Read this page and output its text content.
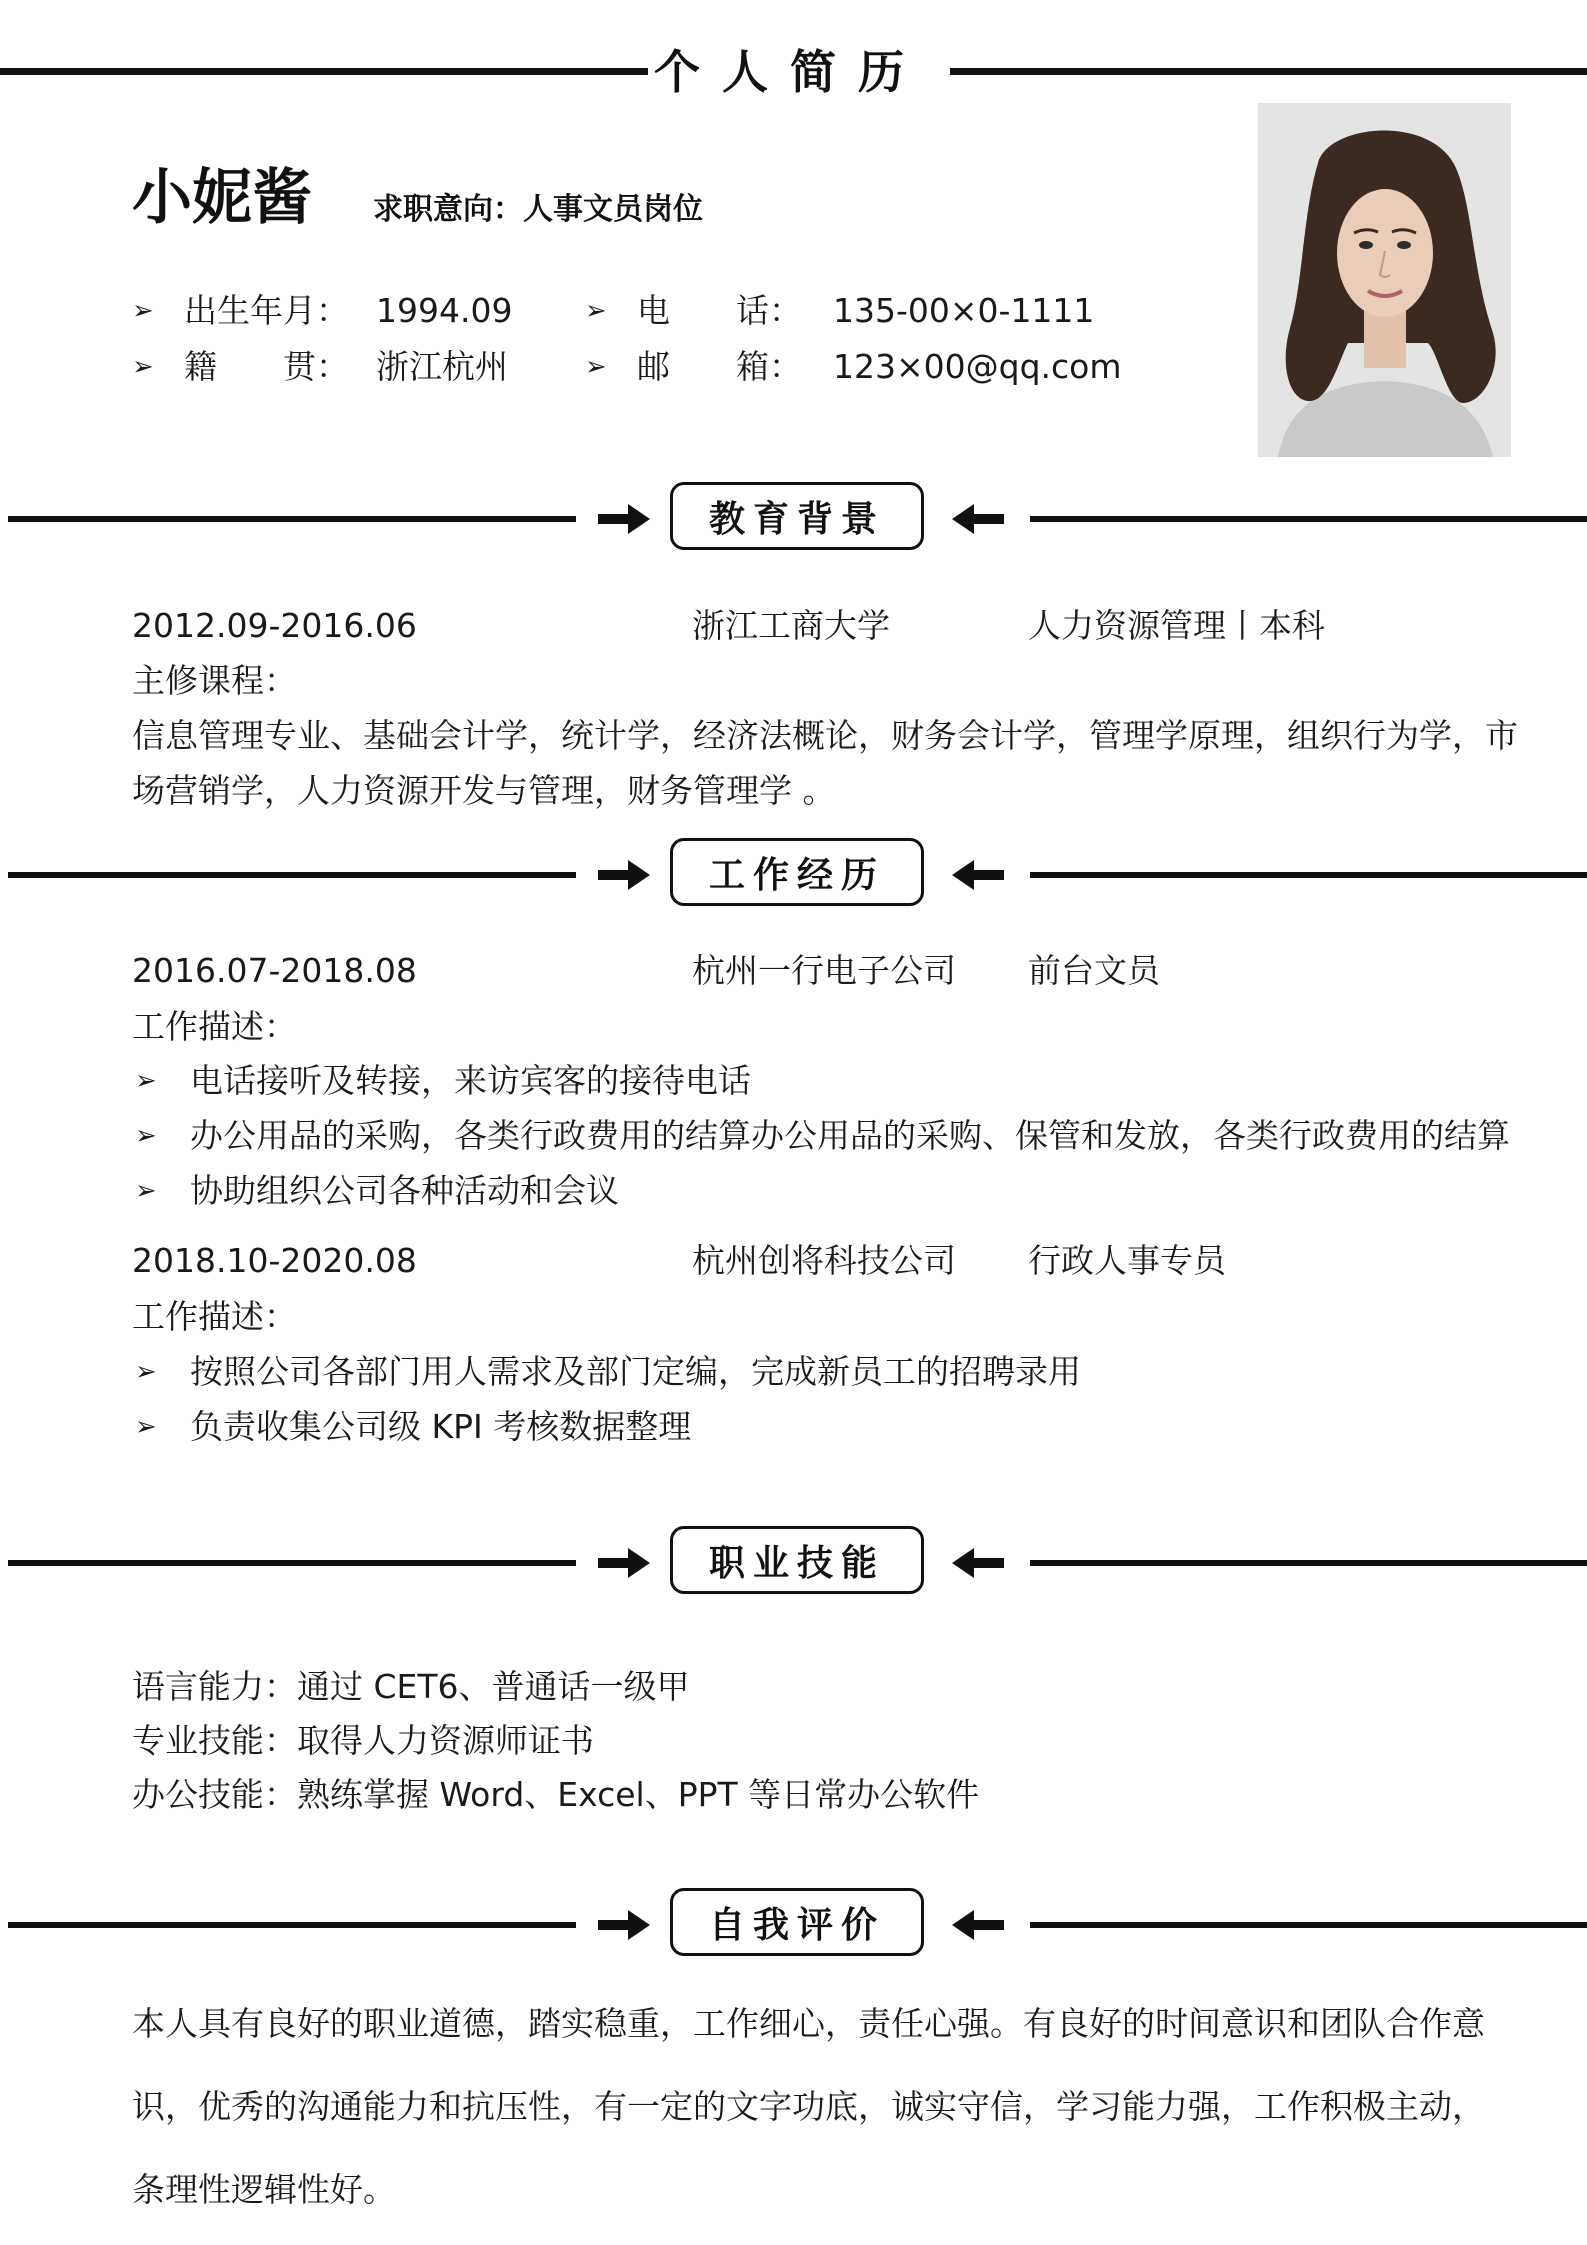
个人简历
小妮酱 求职意向：人事文员岗位
➢ 出生年月： 1994.09	➢ 电　　话： 135-00×0-1111
➢ 籍　　贯： 浙江杭州	➢ 邮　　箱： 123×00@qq.com
教育背景
2012.09-2016.06	浙江工商大学	人力资源管理丨本科
主修课程：
信息管理专业、基础会计学，统计学，经济法概论，财务会计学，管理学原理，组织行为学，市
场营销学，人力资源开发与管理，财务管理学 。
工作经历
2016.07-2018.08	杭州一行电子公司 前台文员
工作描述：
➢ 电话接听及转接，来访宾客的接待电话
➢ 办公用品的采购，各类行政费用的结算办公用品的采购、保管和发放，各类行政费用的结算
➢ 协助组织公司各种活动和会议
2018.10-2020.08	杭州创将科技公司 行政人事专员
工作描述：
➢ 按照公司各部门用人需求及部门定编，完成新员工的招聘录用
➢ 负责收集公司级 KPI 考核数据整理
职业技能
语言能力：通过 CET6、普通话一级甲
专业技能：取得人力资源师证书
办公技能：熟练掌握 Word、Excel、PPT 等日常办公软件
自我评价
本人具有良好的职业道德，踏实稳重，工作细心，责任心强。有良好的时间意识和团队合作意识，优秀的沟通能力和抗压性，有一定的文字功底，诚实守信，学习能力强，工作积极主动，条理性逻辑性好。
